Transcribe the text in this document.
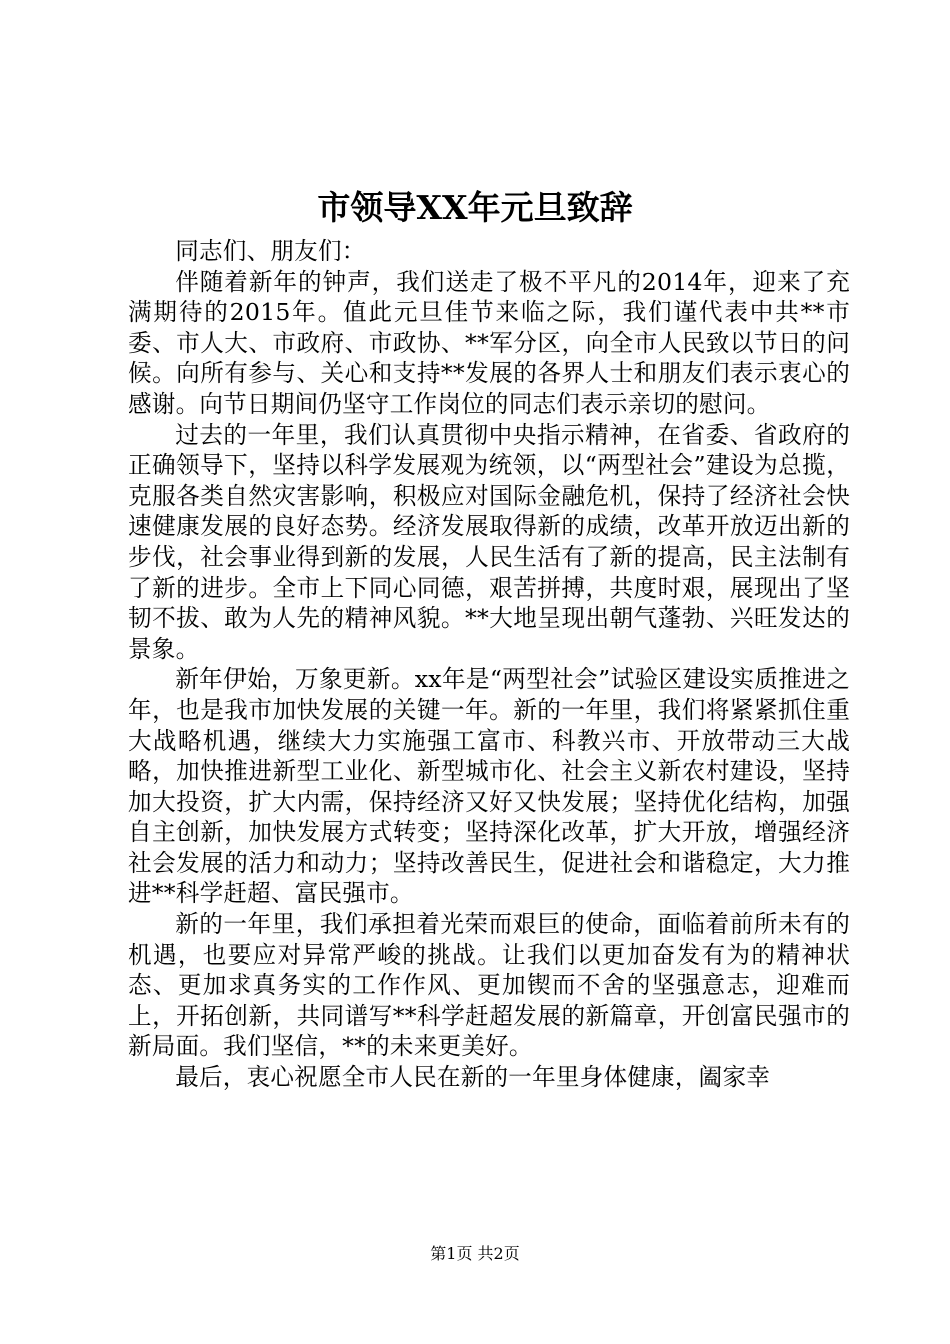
市领导XX年元旦致辞

同志们、朋友们：

伴随着新年的钟声，我们送走了极不平凡的2014年，迎来了充满期待的2015年。值此元旦佳节来临之际，我们谨代表中共**市委、市人大、市政府、市政协、**军分区，向全市人民致以节日的问候。向所有参与、关心和支持**发展的各界人士和朋友们表示衷心的感谢。向节日期间仍坚守工作岗位的同志们表示亲切的慰问。

过去的一年里，我们认真贯彻中央指示精神，在省委、省政府的正确领导下，坚持以科学发展观为统领，以“两型社会”建设为总揽，克服各类自然灾害影响，积极应对国际金融危机，保持了经济社会快速健康发展的良好态势。经济发展取得新的成绩，改革开放迈出新的步伐，社会事业得到新的发展，人民生活有了新的提高，民主法制有了新的进步。全市上下同心同德，艰苦拼搏，共度时艰，展现出了坚韧不拔、敢为人先的精神风貌。**大地呈现出朝气蓬勃、兴旺发达的景象。

新年伊始，万象更新。xx年是“两型社会”试验区建设实质推进之年，也是我市加快发展的关键一年。新的一年里，我们将紧紧抓住重大战略机遇，继续大力实施强工富市、科教兴市、开放带动三大战略，加快推进新型工业化、新型城市化、社会主义新农村建设，坚持加大投资，扩大内需，保持经济又好又快发展；坚持优化结构，加强自主创新，加快发展方式转变；坚持深化改革，扩大开放，增强经济社会发展的活力和动力；坚持改善民生，促进社会和谐稳定，大力推进**科学赶超、富民强市。

新的一年里，我们承担着光荣而艰巨的使命，面临着前所未有的机遇，也要应对异常严峻的挑战。让我们以更加奋发有为的精神状态、更加求真务实的工作作风、更加锲而不舍的坚强意志，迎难而上，开拓创新，共同谱写**科学赶超发展的新篇章，开创富民强市的新局面。我们坚信，**的未来更美好。

最后，衷心祝愿全市人民在新的一年里身体健康，阖家幸

第1页 共2页
